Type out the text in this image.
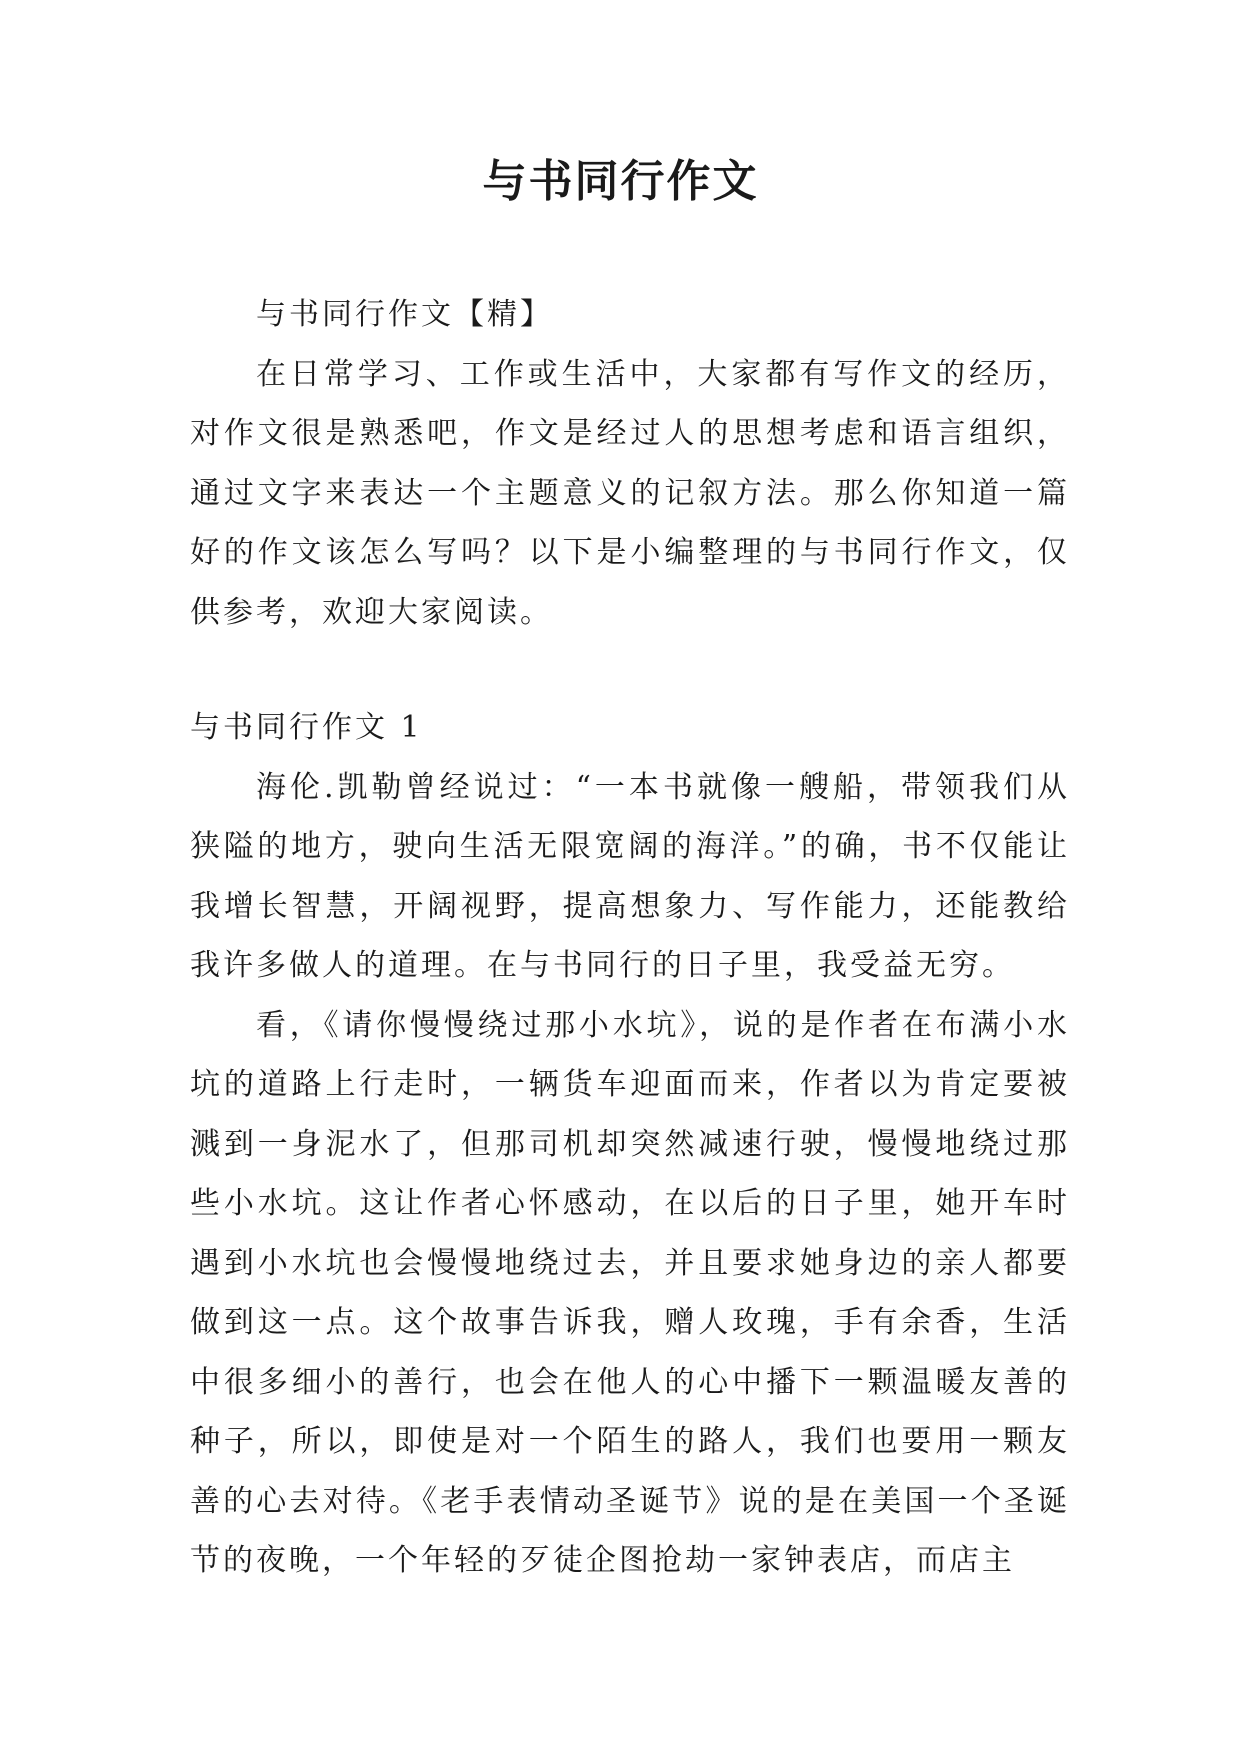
与书同行作文

与书同行作文【精】

在日常学习、工作或生活中，大家都有写作文的经历，对作文很是熟悉吧，作文是经过人的思想考虑和语言组织，通过文字来表达一个主题意义的记叙方法。那么你知道一篇好的作文该怎么写吗？以下是小编整理的与书同行作文，仅供参考，欢迎大家阅读。

与书同行作文 1

海伦.凯勒曾经说过：“一本书就像一艘船，带领我们从狭隘的地方，驶向生活无限宽阔的海洋。”的确，书不仅能让我增长智慧，开阔视野，提高想象力、写作能力，还能教给我许多做人的道理。在与书同行的日子里，我受益无穷。

看，《请你慢慢绕过那小水坑》，说的是作者在布满小水坑的道路上行走时，一辆货车迎面而来，作者以为肯定要被溅到一身泥水了，但那司机却突然减速行驶，慢慢地绕过那些小水坑。这让作者心怀感动，在以后的日子里，她开车时遇到小水坑也会慢慢地绕过去，并且要求她身边的亲人都要做到这一点。这个故事告诉我，赠人玫瑰，手有余香，生活中很多细小的善行，也会在他人的心中播下一颗温暖友善的种子，所以，即使是对一个陌生的路人，我们也要用一颗友善的心去对待。《老手表情动圣诞节》说的是在美国一个圣诞节的夜晚，一个年轻的歹徒企图抢劫一家钟表店，而店主
